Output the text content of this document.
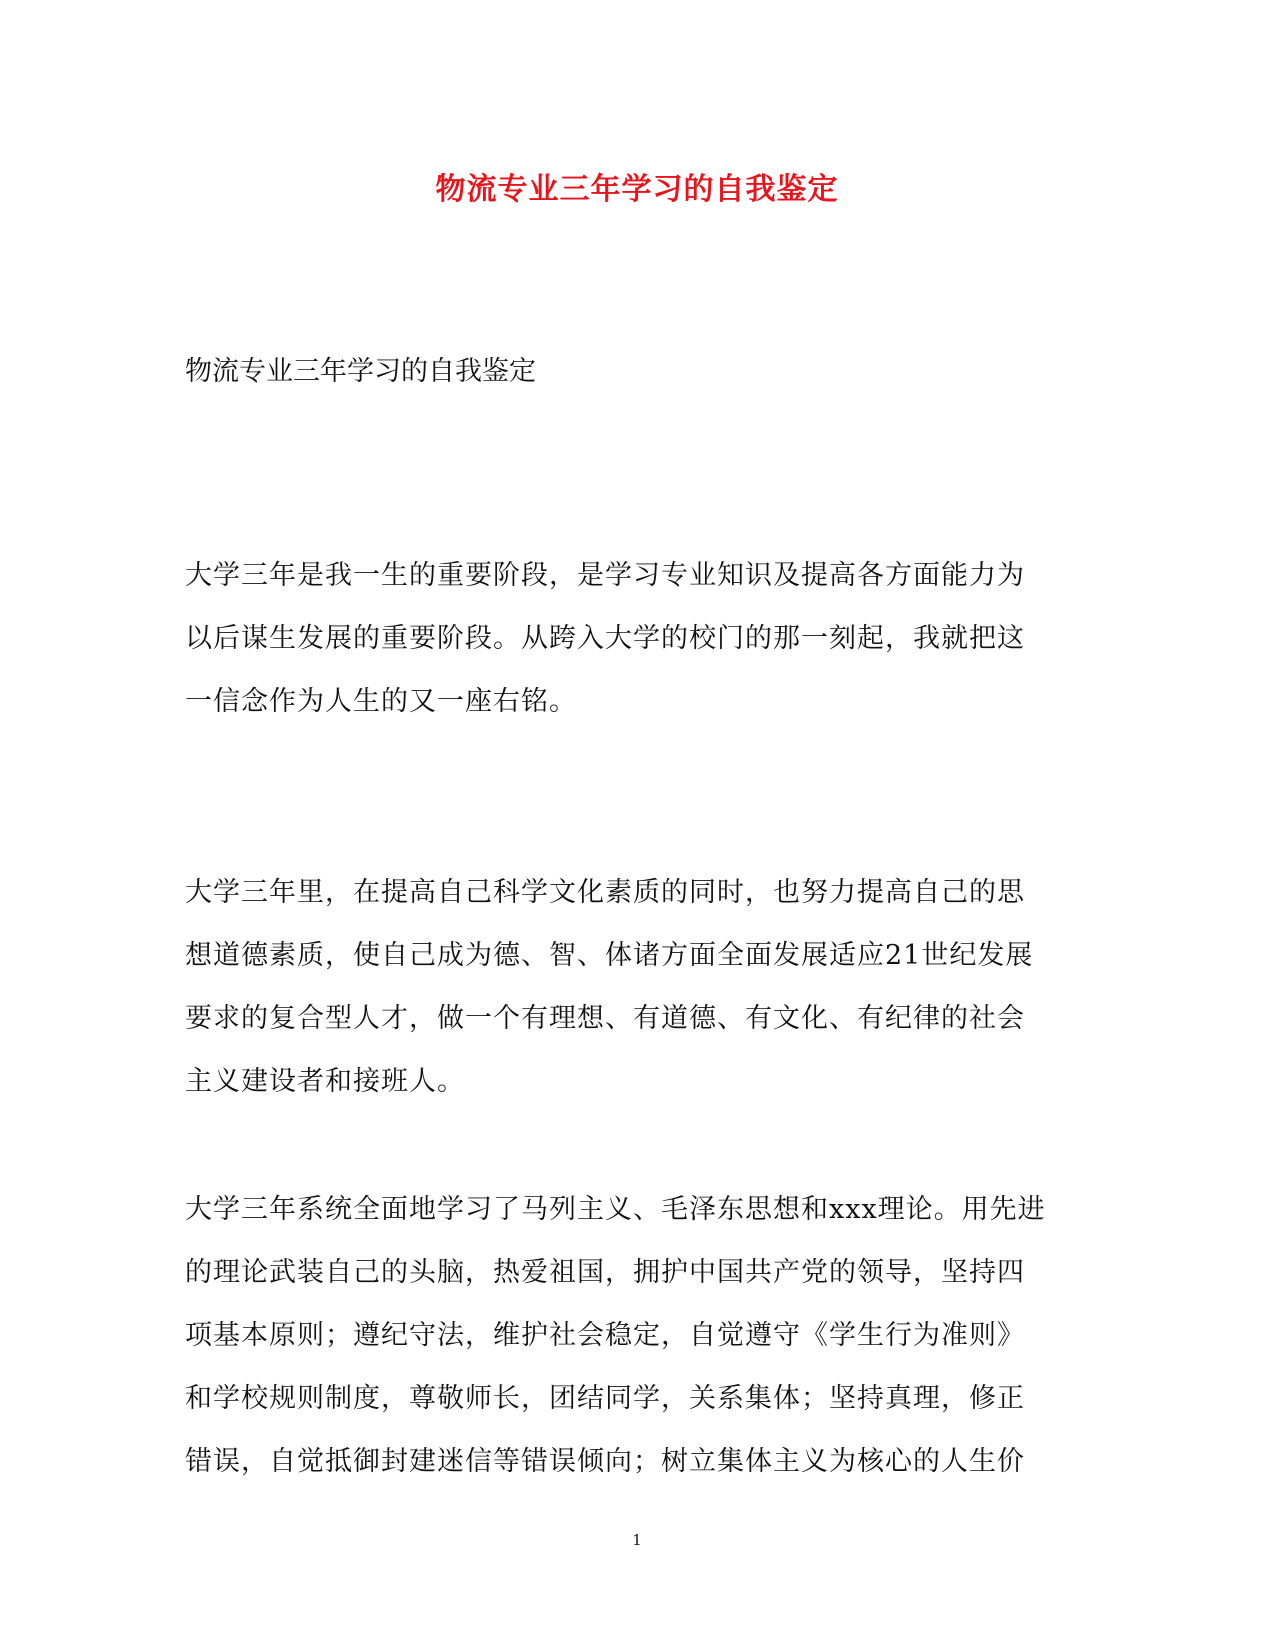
物流专业三年学习的自我鉴定

物流专业三年学习的自我鉴定

大学三年是我一生的重要阶段，是学习专业知识及提高各方面能力为
以后谋生发展的重要阶段。从跨入大学的校门的那一刻起，我就把这
一信念作为人生的又一座右铭。

大学三年里，在提高自己科学文化素质的同时，也努力提高自己的思
想道德素质，使自己成为德、智、体诸方面全面发展适应21世纪发展
要求的复合型人才，做一个有理想、有道德、有文化、有纪律的社会
主义建设者和接班人。

大学三年系统全面地学习了马列主义、毛泽东思想和xxx理论。用先进
的理论武装自己的头脑，热爱祖国，拥护中国共产党的领导，坚持四
项基本原则；遵纪守法，维护社会稳定，自觉遵守《学生行为准则》
和学校规则制度，尊敬师长，团结同学，关系集体；坚持真理，修正
错误，自觉抵御封建迷信等错误倾向；树立集体主义为核心的人生价

1
